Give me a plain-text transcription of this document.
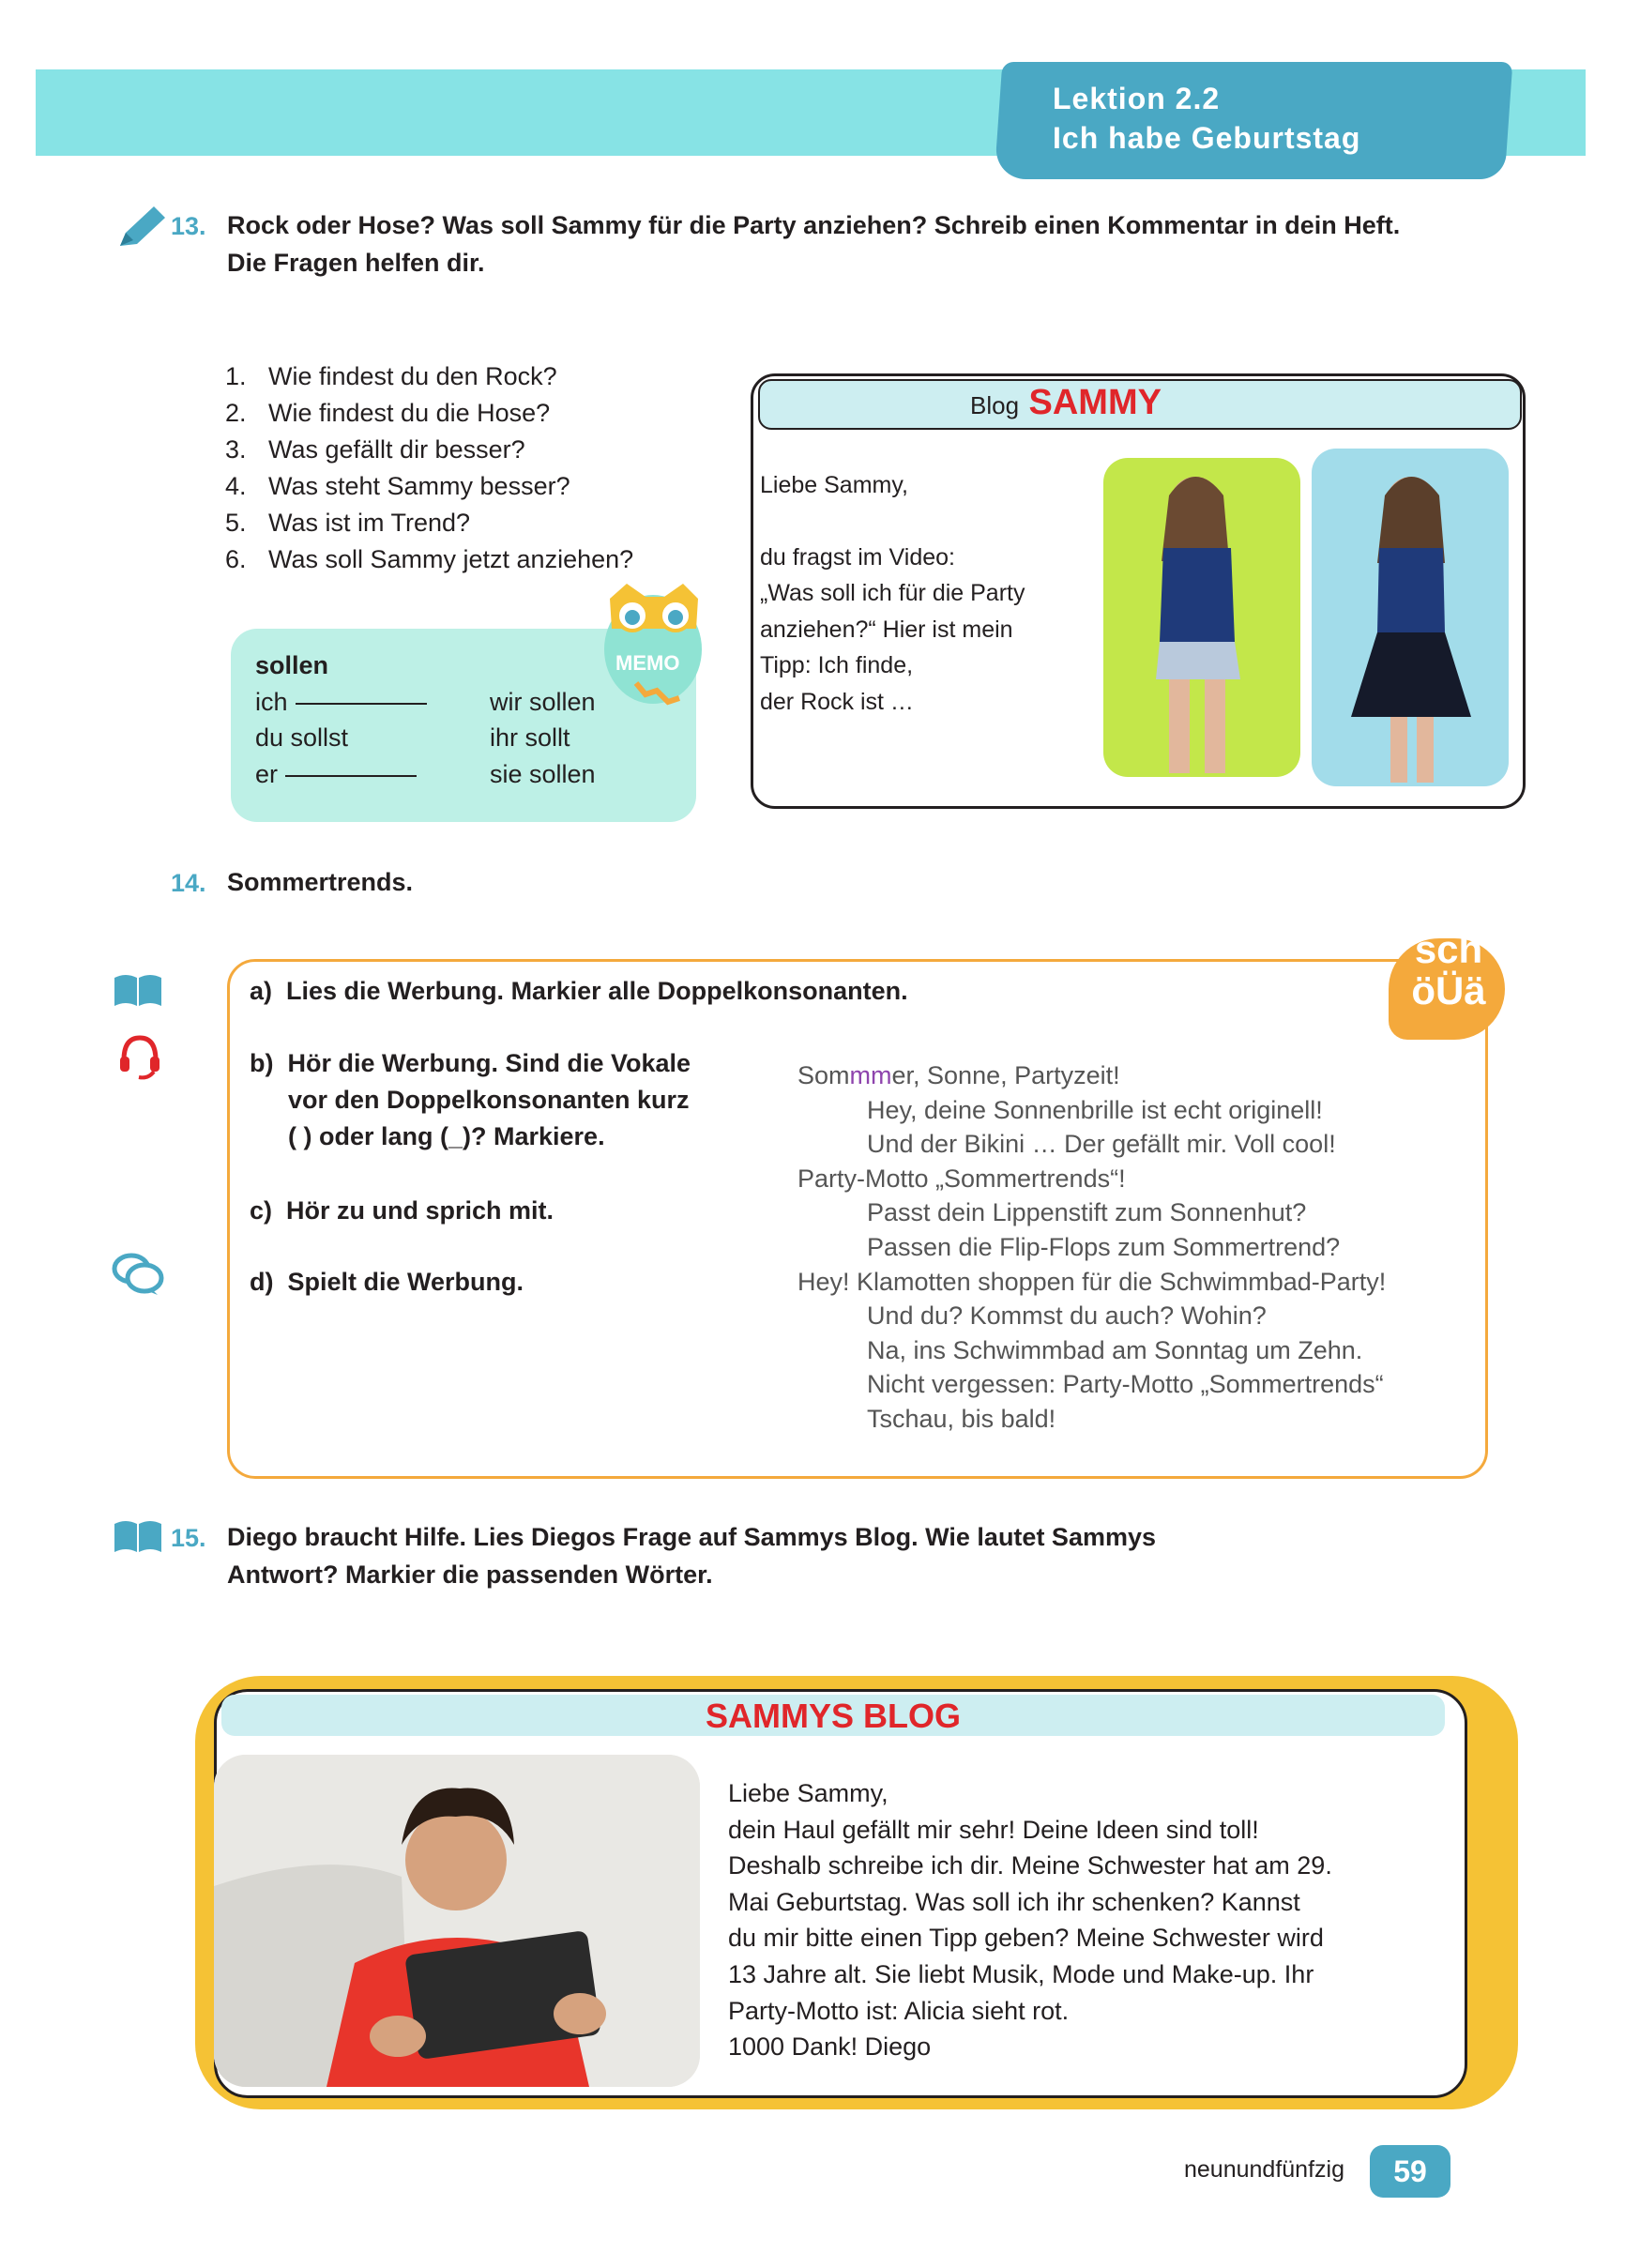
Lektion 2.2
Ich habe Geburtstag
13. Rock oder Hose? Was soll Sammy für die Party anziehen? Schreib einen Kommentar in dein Heft.
Die Fragen helfen dir.
1. Wie findest du den Rock?
2. Wie findest du die Hose?
3. Was gefällt dir besser?
4. Was steht Sammy besser?
5. Was ist im Trend?
6. Was soll Sammy jetzt anziehen?
MEMO
sollen
ich
du sollst
er
wir sollen
ihr sollt
sie sollen
Blog SAMMY
Liebe Sammy,
du fragst im Video:
„Was soll ich für die Party
anziehen?“ Hier ist mein
Tipp: Ich finde,
der Rock ist …
14. Sommertrends.
sch
öÜä
a) Lies die Werbung. Markier alle Doppelkonsonanten.
b) Hör die Werbung. Sind die Vokale
vor den Doppelkonsonanten kurz
( ) oder lang (_)? Markiere.
c) Hör zu und sprich mit.
d) Spielt die Werbung.
Sommmer, Sonne, Partyzeit!
Hey, deine Sonnenbrille ist echt originell!
Und der Bikini … Der gefällt mir. Voll cool!
Party-Motto „Sommertrends“!
Passt dein Lippenstift zum Sonnenhut?
Passen die Flip-Flops zum Sommertrend?
Hey! Klamotten shoppen für die Schwimmbad-Party!
Und du? Kommst du auch? Wohin?
Na, ins Schwimmbad am Sonntag um Zehn.
Nicht vergessen: Party-Motto „Sommertrends“
Tschau, bis bald!
15. Diego braucht Hilfe. Lies Diegos Frage auf Sammys Blog. Wie lautet Sammys
Antwort? Markier die passenden Wörter.
SAMMYS BLOG
Liebe Sammy,
dein Haul gefällt mir sehr! Deine Ideen sind toll!
Deshalb schreibe ich dir. Meine Schwester hat am 29.
Mai Geburtstag. Was soll ich ihr schenken? Kannst
du mir bitte einen Tipp geben? Meine Schwester wird
13 Jahre alt. Sie liebt Musik, Mode und Make-up. Ihr
Party-Motto ist: Alicia sieht rot.
1000 Dank! Diego
neunundfünfzig	59
